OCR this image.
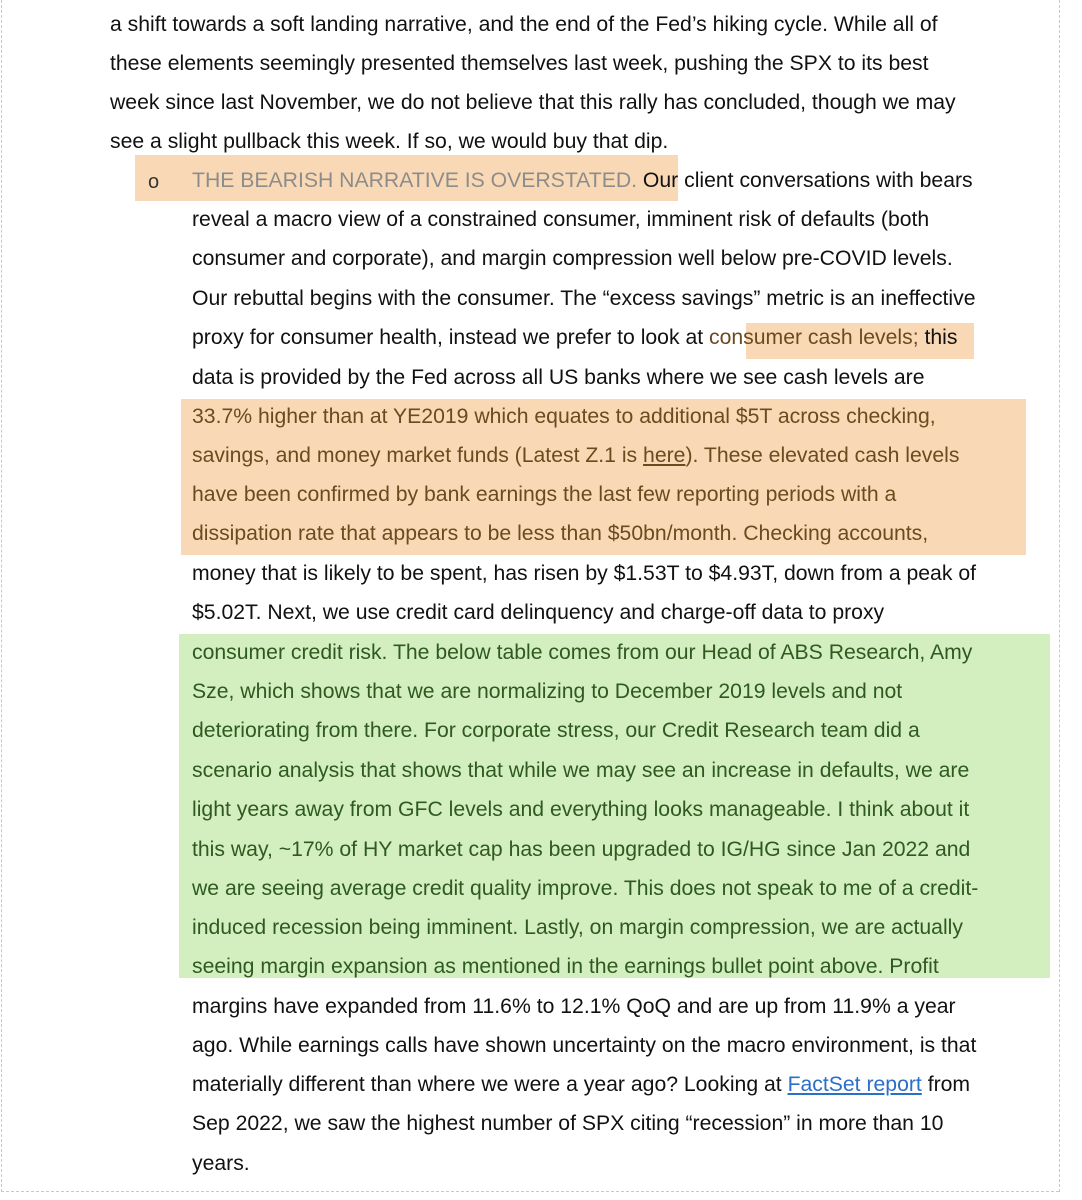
a shift towards a soft landing narrative, and the end of the Fed’s hiking cycle. While all of
these elements seemingly presented themselves last week, pushing the SPX to its best
week since last November, we do not believe that this rally has concluded, though we may
see a slight pullback this week. If so, we would buy that dip.
o THE BEARISH NARRATIVE IS OVERSTATED. Our client conversations with bears
reveal a macro view of a constrained consumer, imminent risk of defaults (both
consumer and corporate), and margin compression well below pre-COVID levels.
Our rebuttal begins with the consumer. The “excess savings” metric is an ineffective
proxy for consumer health, instead we prefer to look at consumer cash levels; this
data is provided by the Fed across all US banks where we see cash levels are
33.7% higher than at YE2019 which equates to additional $5T across checking,
savings, and money market funds (Latest Z.1 is here). These elevated cash levels
have been confirmed by bank earnings the last few reporting periods with a
dissipation rate that appears to be less than $50bn/month. Checking accounts,
money that is likely to be spent, has risen by $1.53T to $4.93T, down from a peak of
$5.02T. Next, we use credit card delinquency and charge-off data to proxy
consumer credit risk. The below table comes from our Head of ABS Research, Amy
Sze, which shows that we are normalizing to December 2019 levels and not
deteriorating from there. For corporate stress, our Credit Research team did a
scenario analysis that shows that while we may see an increase in defaults, we are
light years away from GFC levels and everything looks manageable. I think about it
this way, ~17% of HY market cap has been upgraded to IG/HG since Jan 2022 and
we are seeing average credit quality improve. This does not speak to me of a credit-
induced recession being imminent. Lastly, on margin compression, we are actually
seeing margin expansion as mentioned in the earnings bullet point above. Profit
margins have expanded from 11.6% to 12.1% QoQ and are up from 11.9% a year
ago. While earnings calls have shown uncertainty on the macro environment, is that
materially different than where we were a year ago? Looking at FactSet report from
Sep 2022, we saw the highest number of SPX citing “recession” in more than 10
years.
